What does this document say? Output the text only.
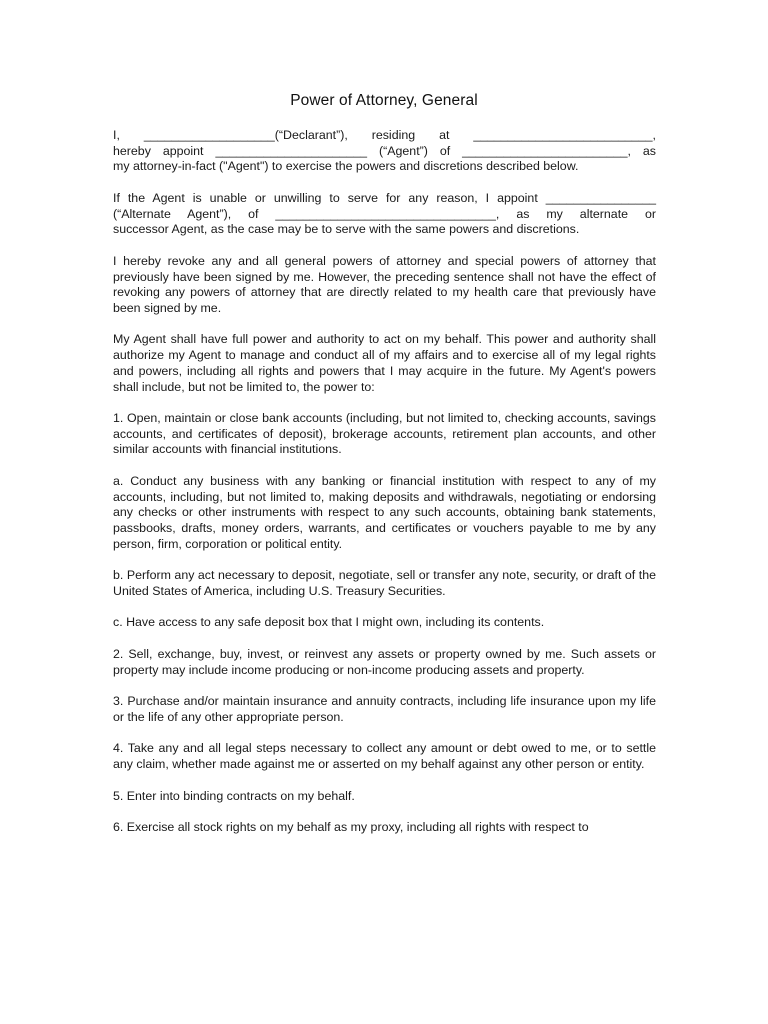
Power of Attorney, General
I, ___________________(“Declarant”), residing at __________________________,
hereby appoint ______________________ (“Agent”) of ________________________, as
my attorney-in-fact ("Agent") to exercise the powers and discretions described below.
If the Agent is unable or unwilling to serve for any reason, I appoint ________________
(“Alternate Agent”), of ________________________________, as my alternate or
successor Agent, as the case may be to serve with the same powers and discretions.

I hereby revoke any and all general powers of attorney and special powers of attorney that previously have been signed by me. However, the preceding sentence shall not have the effect of revoking any powers of attorney that are directly related to my health care that previously have been signed by me.

My Agent shall have full power and authority to act on my behalf. This power and authority shall authorize my Agent to manage and conduct all of my affairs and to exercise all of my legal rights and powers, including all rights and powers that I may acquire in the future. My Agent's powers shall include, but not be limited to, the power to:

1. Open, maintain or close bank accounts (including, but not limited to, checking accounts, savings accounts, and certificates of deposit), brokerage accounts, retirement plan accounts, and other similar accounts with financial institutions.

a. Conduct any business with any banking or financial institution with respect to any of my accounts, including, but not limited to, making deposits and withdrawals, negotiating or endorsing any checks or other instruments with respect to any such accounts, obtaining bank statements, passbooks, drafts, money orders, warrants, and certificates or vouchers payable to me by any person, firm, corporation or political entity.

b. Perform any act necessary to deposit, negotiate, sell or transfer any note, security, or draft of the United States of America, including U.S. Treasury Securities.

c. Have access to any safe deposit box that I might own, including its contents.

2. Sell, exchange, buy, invest, or reinvest any assets or property owned by me. Such assets or property may include income producing or non-income producing assets and property.

3. Purchase and/or maintain insurance and annuity contracts, including life insurance upon my life or the life of any other appropriate person.

4. Take any and all legal steps necessary to collect any amount or debt owed to me, or to settle any claim, whether made against me or asserted on my behalf against any other person or entity.

5. Enter into binding contracts on my behalf.

6. Exercise all stock rights on my behalf as my proxy, including all rights with respect to
